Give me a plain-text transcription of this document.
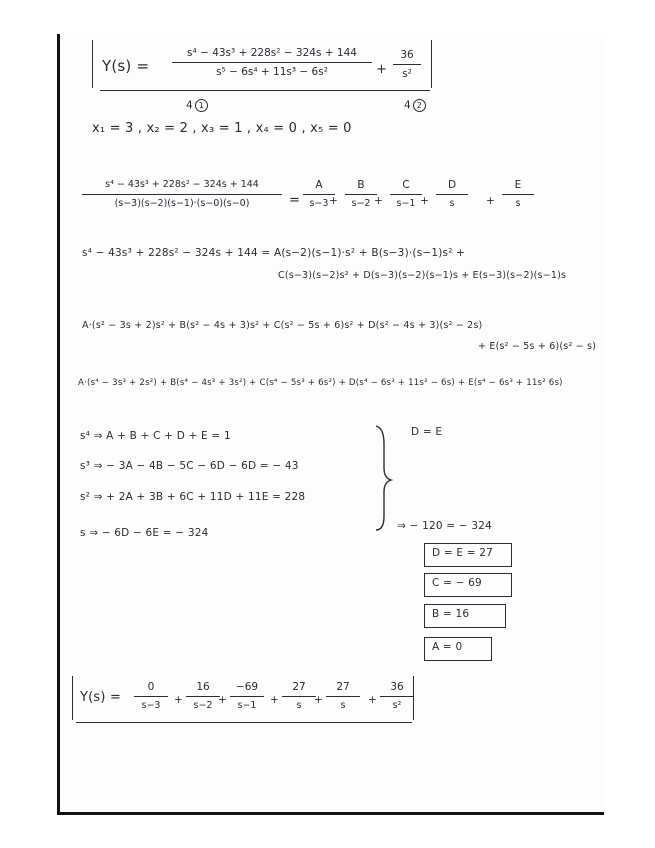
Y(s) =
s⁴ − 43s³ + 228s² − 324s + 144
s⁵ − 6s⁴ + 11s³ − 6s²	+
36
s²
4 1	4 2
x₁ = 3 , x₂ = 2 , x₃ = 1 , x₄ = 0 , x₅ = 0
s⁴ − 43s³ + 228s² − 324s + 144
(s−3)(s−2)(s−1)·(s−0)(s−0)	=
A
s−3 +
B
s−2 +
C
s−1 +
D
s	+
E
s
s⁴ − 43s³ + 228s² − 324s + 144 = A(s−2)(s−1)·s² + B(s−3)·(s−1)s² +
C(s−3)(s−2)s² + D(s−3)(s−2)(s−1)s + E(s−3)(s−2)(s−1)s
A·(s² − 3s + 2)s² + B(s² − 4s + 3)s² + C(s² − 5s + 6)s² + D(s² − 4s + 3)(s² − 2s)
+ E(s² − 5s + 6)(s² − s)
A·(s⁴ − 3s³ + 2s²) + B(s⁴ − 4s³ + 3s²) + C(s⁴ − 5s³ + 6s²) + D(s⁴ − 6s³ + 11s² − 6s) + E(s⁴ − 6s³ + 11s² 6s)
s⁴ ⇒ A + B + C + D + E = 1
s³ ⇒ − 3A − 4B − 5C − 6D − 6D = − 43
s² ⇒ + 2A + 3B + 6C + 11D + 11E = 228
s ⇒ − 6D − 6E = − 324
D = E
⇒ − 120 = − 324
D = E = 27
C = − 69
B = 16
A = 0
Y(s) =
0
s−3	+
16
s−2 +
−69
s−1	+
27
s	+
27
s	+
36
s²
